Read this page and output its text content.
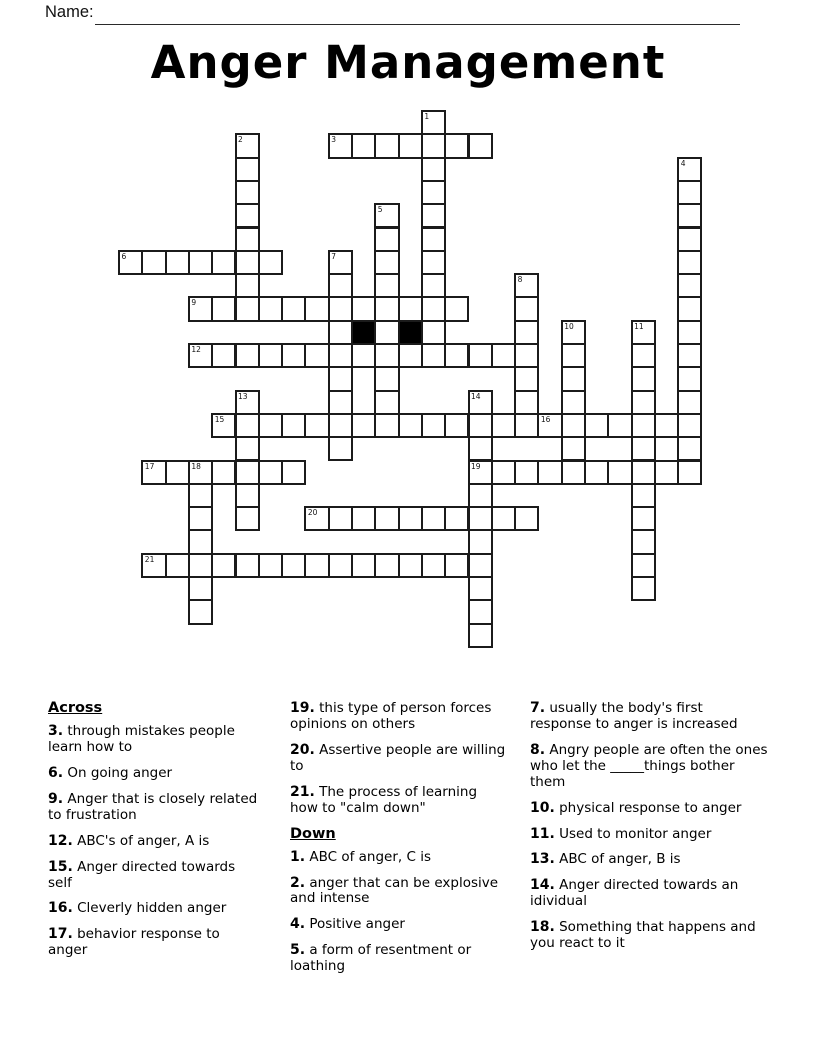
Name:
Anger Management
1
2	3
4
5
6	7
8
9
10	11
12
13	14
19
15	16
17	18
20
21
Across
3. through mistakes people learn how to
6. On going anger
9. Anger that is closely related to frustration
12. ABC's of anger, A is
15. Anger directed towards self
16. Cleverly hidden anger
17. behavior response to anger
19. this type of person forces opinions on others
20. Assertive people are willing to
21. The process of learning how to "calm down"
Down
1. ABC of anger, C is
2. anger that can be explosive and intense
4. Positive anger
5. a form of resentment or loathing
7. usually the body's first response to anger is increased
8. Angry people are often the ones who let the _____things bother them
10. physical response to anger
11. Used to monitor anger
13. ABC of anger, B is
14. Anger directed towards an idividual
18. Something that happens and you react to it
